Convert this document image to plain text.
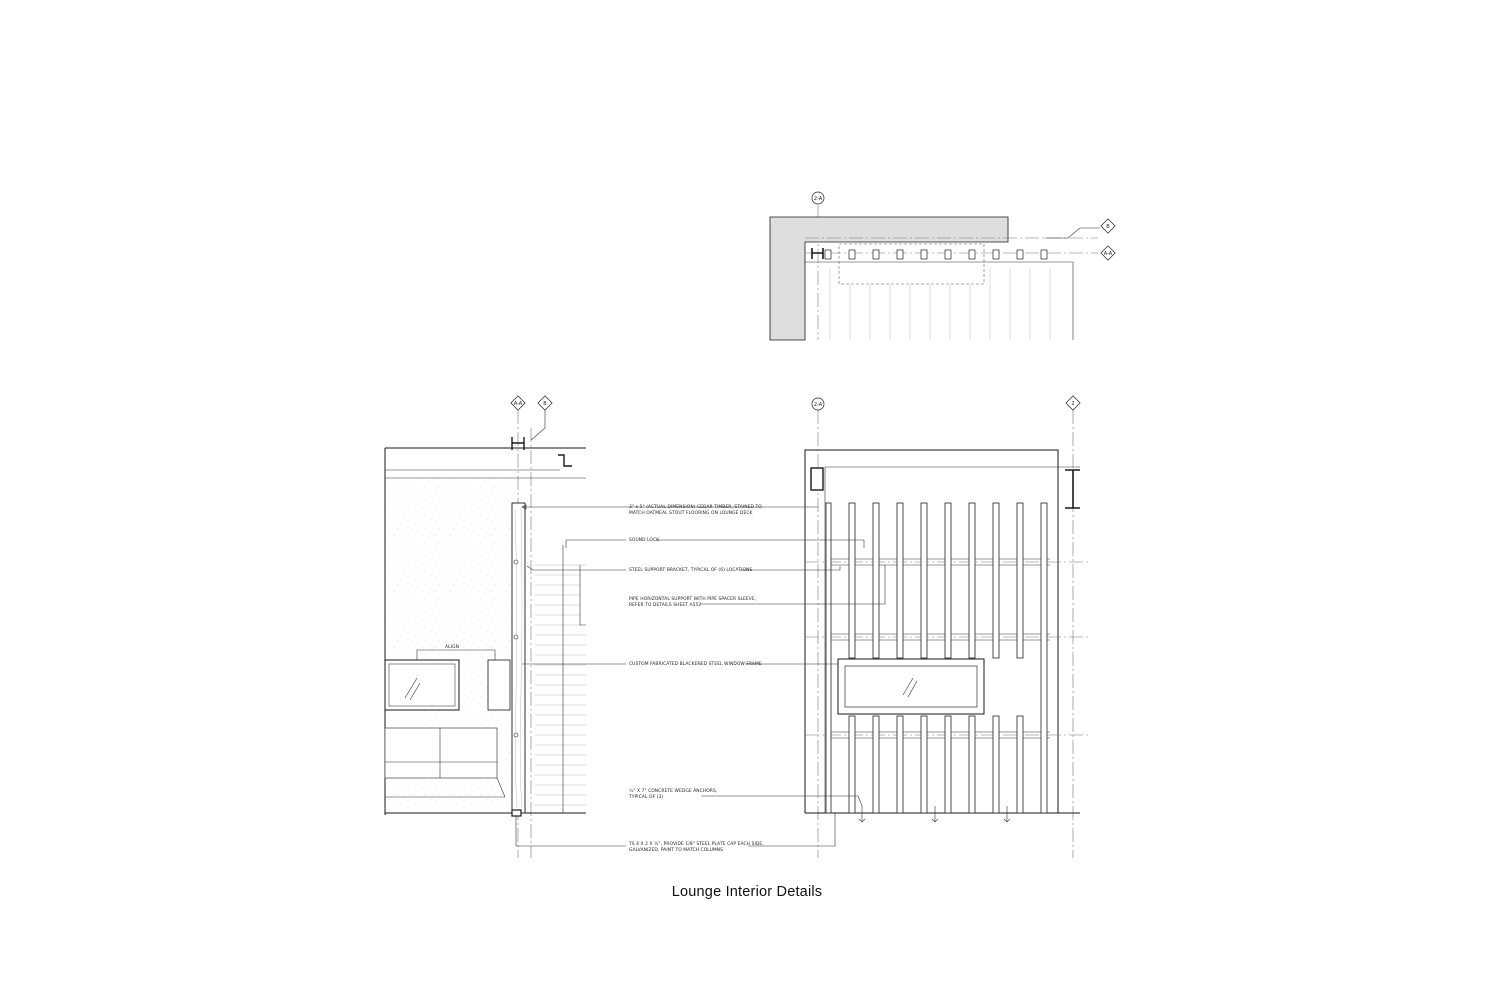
2-A
B
A-A
ALIGN
A-A	B	2-A	2
3" x 5" (ACTUAL DIMENSION) CEDAR TIMBER, STAINED TO
MATCH OATMEAL STOUT FLOORING ON LOUNGE DECK
SOUND LOCK
STEEL SUPPORT BRACKET, TYPICAL OF (6) LOCATIONS
PIPE HORIZONTAL SUPPORT WITH PIPE SPACER SLEEVE,
REFER TO DETAILS SHEET A552
CUSTOM FABRICATED BLACKENED STEEL WINDOW FRAME
½" X 7" CONCRETE WEDGE ANCHORS,
TYPICAL OF (3)
TS 4 X 2 X ¼", PROVIDE 1/8" STEEL PLATE CAP EACH SIDE,
GALVANIZED, PAINT TO MATCH COLUMNS
Lounge Interior Details
